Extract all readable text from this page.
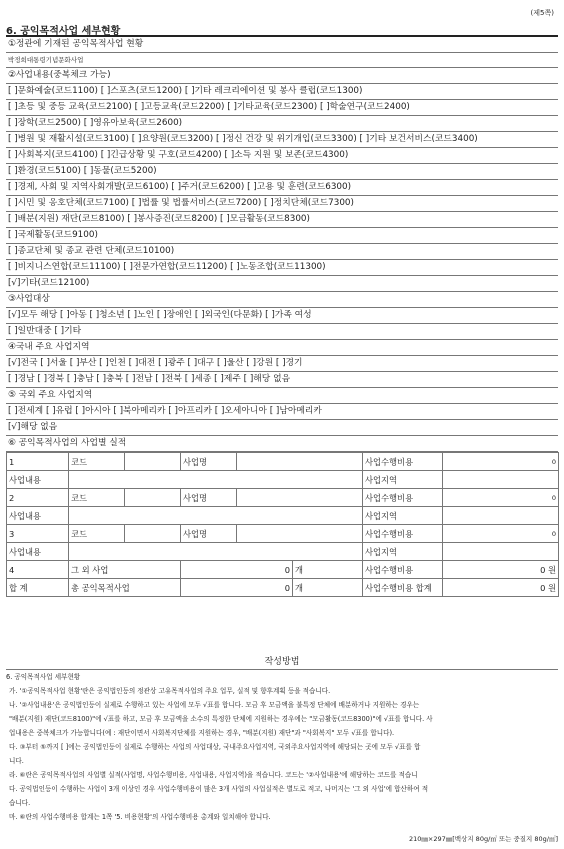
(제5쪽)
6. 공익목적사업 세부현황
①정관에 기재된 공익목적사업 현황
박정희대통령기념문화사업
②사업내용(중복체크 가능)
[ ]문화예술(코드1100) [ ]스포츠(코드1200) [ ]기타 레크리에이션 및 봉사 클럽(코드1300)
[ ]초등 및 중등 교육(코드2100) [ ]고등교육(코드2200) [ ]기타교육(코드2300) [ ]학술연구(코드2400)
[ ]장학(코드2500) [ ]영유아보육(코드2600)
[ ]병원 및 재활시설(코드3100) [ ]요양원(코드3200) [ ]정신 건강 및 위기개입(코드3300) [ ]기타 보건서비스(코드3400)
[ ]사회복지(코드4100) [ ]긴급상황 및 구호(코드4200) [ ]소득 지원 및 보존(코드4300)
[ ]환경(코드5100) [ ]동물(코드5200)
[ ]경제, 사회 및 지역사회개발(코드6100) [ ]주거(코드6200) [ ]고용 및 훈련(코드6300)
[ ]시민 및 옹호단체(코드7100) [ ]법률 및 법률서비스(코드7200) [ ]정치단체(코드7300)
[ ]배분(지원) 재단(코드8100) [ ]봉사증진(코드8200) [ ]모금활동(코드8300)
[ ]국제활동(코드9100)
[ ]종교단체 및 종교 관련 단체(코드10100)
[ ]비지니스연합(코드11100) [ ]전문가연합(코드11200) [ ]노동조합(코드11300)
[√]기타(코드12100)
③사업대상
[√]모두 해당 [ ]아동 [ ]청소년 [ ]노인 [ ]장애인 [ ]외국인(다문화) [ ]가족 여성
[ ]일반대중 [ ]기타
④국내 주요 사업지역
[√]전국 [ ]서울 [ ]부산 [ ]인천 [ ]대전 [ ]광주 [ ]대구 [ ]울산 [ ]강원 [ ]경기
[ ]경남 [ ]경북 [ ]충남 [ ]충북 [ ]전남 [ ]전북 [ ]세종 [ ]제주 [ ]해당 없음
⑤ 국외 주요 사업지역
[ ]전세계 [ ]유럽 [ ]아시아 [ ]북아메리카 [ ]아프리카 [ ]오세아니아 [ ]남아메리카
[√]해당 없음
⑥ 공익목적사업의 사업별 실적
1	코드		사업명			사업수행비용	0
사업내용						사업지역	
2	코드		사업명			사업수행비용	0
사업내용						사업지역	
3	코드		사업명			사업수행비용	0
사업내용						사업지역	
4	그 외 사업		0		개	사업수행비용	0 원
합 계	총 공익목적사업		0		개	사업수행비용 합계	0 원
작성방법

6. 공익목적사업 세부현황

가. '①공익목적사업 현황'란은 공익법인등의 정관상 고유목적사업의 주요 업무, 실적 및 향후계획 등을 적습니다.

나. '②사업내용'은 공익법인등이 실제로 수행하고 있는 사업에 모두 √표를 합니다. 모금 후 모금액을 불특정 단체에 배분하거나 지원하는 경우는

"배분(지원) 재단(코드8100)"에 √표를 하고, 모금 후 모금액을 소수의 특정한 단체에 지원하는 경우에는 "모금활동(코드8300)"에 √표를 합니다. 사

업내용은 중복체크가 가능합니다(예 : 재단이면서 사회복지단체를 지원하는 경우, "배분(지원) 재단"과 "사회복지" 모두 √표를 합니다).

다. ③부터 ⑤까지 [ ]에는 공익법인등이 실제로 수행하는 사업의 사업대상, 국내주요사업지역, 국외주요사업지역에 해당되는 곳에 모두 √표를 합

니다.

라. ⑥란은 공익목적사업의 사업별 실적(사업명, 사업수행비용, 사업내용, 사업지역)을 적습니다. 코드는 '②사업내용'에 해당하는 코드를 적습니

다. 공익법인등이 수행하는 사업이 3개 이상인 경우 사업수행비용이 많은 3개 사업의 사업실적은 별도로 적고, 나머지는 '그 외 사업'에 합산하여 적

습니다.

마. ⑥란의 사업수행비용 합계는 1쪽 '5. 비용현황'의 사업수행비용 총계와 일치해야 합니다.

210㎜×297㎜[백상지 80g/㎡ 또는 중질지 80g/㎡]
